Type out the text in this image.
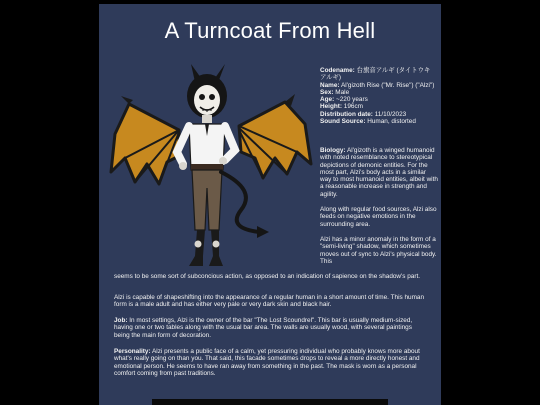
A Turncoat From Hell
Codename: 台旗音アルギ (タイトウキ アルギ)
Name: Al'gizoth Rise ("Mr. Rise") ("Alzi")
Sex: Male
Age: ~220 years
Height: 196cm
Distribution date: 11/10/2023
Sound Source: Human, distorted

Biology: Al'gizoth is a winged humanoid with noted resemblance to stereotypical depictions of demonic entities. For the most part, Alzi's body acts in a similar way to most humanoid entities, albeit with a reasonable increase in strength and agility.

Along with regular food sources, Alzi also feeds on negative emotions in the surrounding area.

Alzi has a minor anomaly in the form of a "semi-living" shadow, which sometimes moves out of sync to Alzi's physical body. This

seems to be some sort of subconcious action, as opposed to an indication of sapience on the shadow's part.

Alzi is capable of shapeshifting into the appearance of a regular human in a short amount of time. This human form is a male adult and has either very pale or very dark skin and black hair.

Job: In most settings, Alzi is the owner of the bar "The Lost Scoundrel". This bar is usually medium-sized, having one or two tables along with the usual bar area. The walls are usually wood, with several paintings being the main form of decoration.

Personality: Alzi presents a public face of a calm, yet pressuring individual who probably knows more about what's really going on than you. That said, this facade sometimes drops to reveal a more directly honest and emotional person. He seems to have ran away from something in the past. The mask is worn as a personal comfort coming from past traditions.
